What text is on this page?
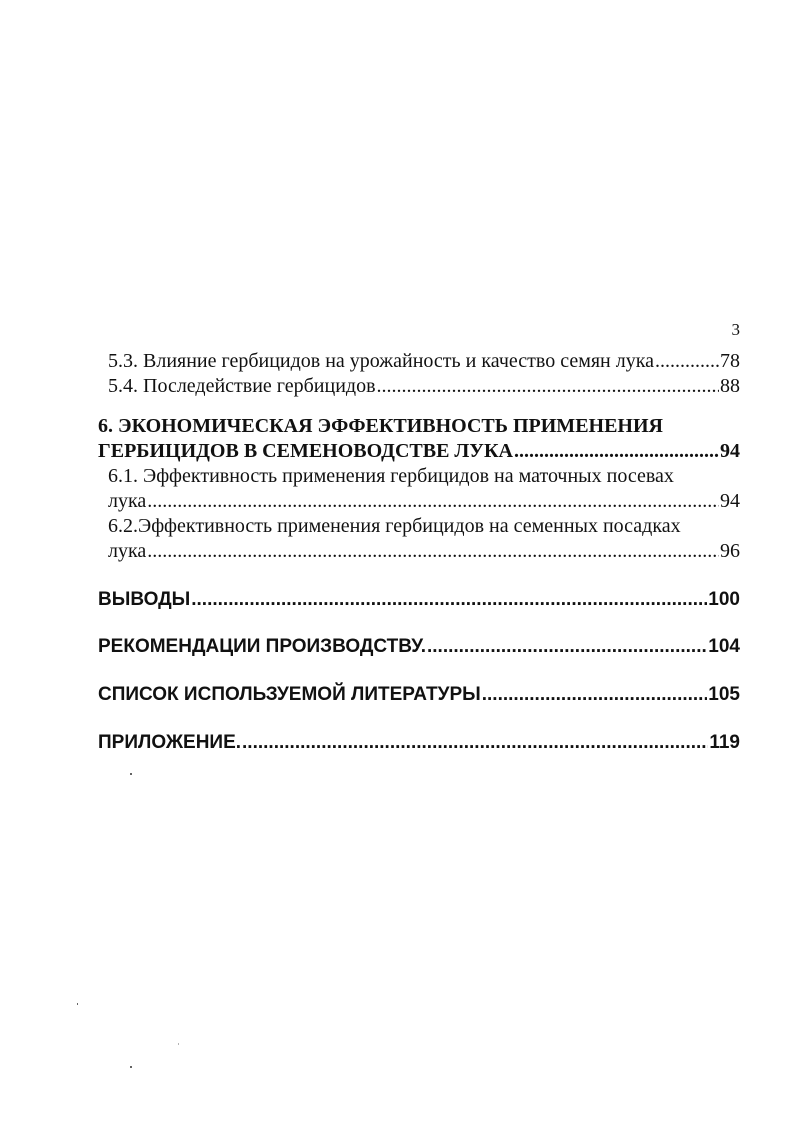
3
5.3. Влияние гербицидов на урожайность и качество семян лука .....	78
5.4. Последействие гербицидов .....	88
6. ЭКОНОМИЧЕСКАЯ ЭФФЕКТИВНОСТЬ ПРИМЕНЕНИЯ
ГЕРБИЦИДОВ В СЕМЕНОВОДСТВЕ ЛУКА .....	94
6.1. Эффективность применения гербицидов на маточных посевах
лука .....	94
6.2.Эффективность применения гербицидов на семенных посадках
лука .....	96
ВЫВОДЫ .....	100
РЕКОМЕНДАЦИИ ПРОИЗВОДСТВУ. .....	104
СПИСОК ИСПОЛЬЗУЕМОЙ ЛИТЕРАТУРЫ .....	105
ПРИЛОЖЕНИЕ. .....	119
